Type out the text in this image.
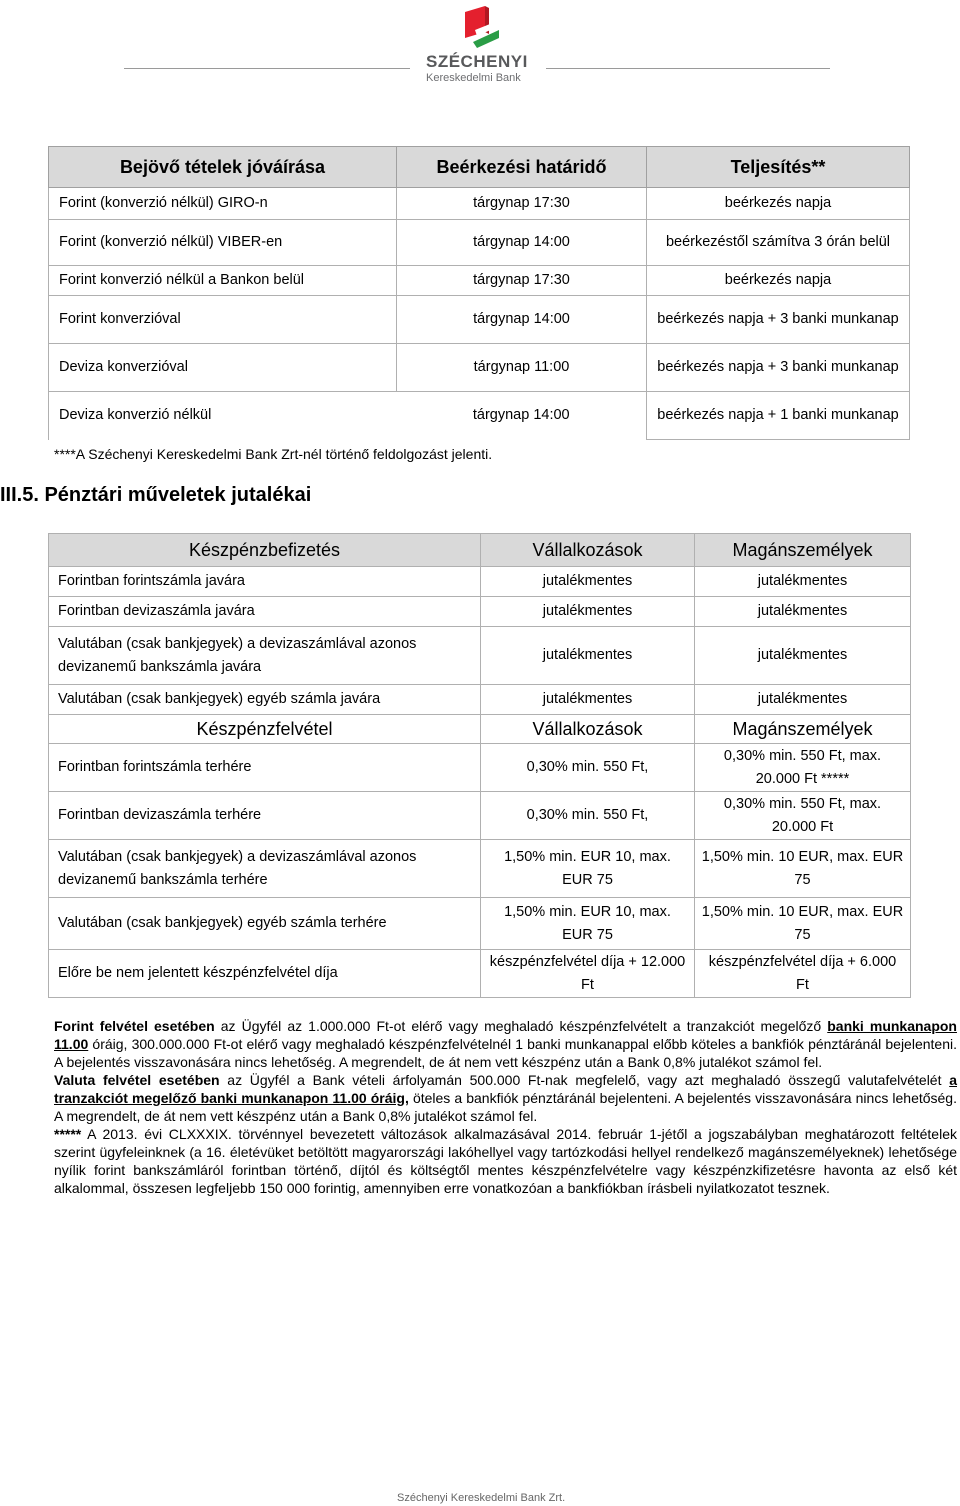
SZÉCHENYI
Kereskedelmi Bank
Bejövő tételek jóváírása	Beérkezési határidő	Teljesítés**
Forint (konverzió nélkül) GIRO-n	tárgynap 17:30	beérkezés napja
Forint (konverzió nélkül) VIBER-en	tárgynap 14:00	beérkezéstől számítva 3 órán belül
Forint konverzió nélkül a Bankon belül	tárgynap 17:30	beérkezés napja
Forint konverzióval	tárgynap 14:00	beérkezés napja + 3 banki munkanap
Deviza konverzióval	tárgynap 11:00	beérkezés napja + 3 banki munkanap
Deviza konverzió nélkül	tárgynap 14:00	beérkezés napja + 1 banki munkanap
****A Széchenyi Kereskedelmi Bank Zrt-nél történő feldolgozást jelenti.
III.5. Pénztári műveletek jutalékai
Készpénzbefizetés	Vállalkozások	Magánszemélyek
Forintban forintszámla javára	jutalékmentes	jutalékmentes
Forintban devizaszámla javára	jutalékmentes	jutalékmentes
Valutában (csak bankjegyek) a devizaszámlával azonos devizanemű bankszámla javára	jutalékmentes	jutalékmentes
Valutában (csak bankjegyek) egyéb számla javára	jutalékmentes	jutalékmentes
Készpénzfelvétel	Vállalkozások	Magánszemélyek
Forintban forintszámla terhére	0,30% min. 550 Ft,	0,30% min. 550 Ft, max. 20.000 Ft *****
Forintban devizaszámla terhére	0,30% min. 550 Ft,	0,30% min. 550 Ft, max. 20.000 Ft
Valutában (csak bankjegyek) a devizaszámlával azonos devizanemű bankszámla terhére	1,50% min. EUR 10, max. EUR 75	1,50% min. 10 EUR, max. EUR 75
Valutában (csak bankjegyek) egyéb számla terhére	1,50% min. EUR 10, max. EUR 75	1,50% min. 10 EUR, max. EUR 75
Előre be nem jelentett készpénzfelvétel díja	készpénzfelvétel díja + 12.000 Ft	készpénzfelvétel díja + 6.000 Ft

Forint felvétel esetében az Ügyfél az 1.000.000 Ft-ot elérő vagy meghaladó készpénzfelvételt a tranzakciót megelőző banki munkanapon 11.00 óráig, 300.000.000 Ft-ot elérő vagy meghaladó készpénzfelvételnél 1 banki munkanappal előbb köteles a bankfiók pénztáránál bejelenteni. A bejelentés visszavonására nincs lehetőség. A megrendelt, de át nem vett készpénz után a Bank 0,8% jutalékot számol fel.

Valuta felvétel esetében az Ügyfél a Bank vételi árfolyamán 500.000 Ft-nak megfelelő, vagy azt meghaladó összegű valutafelvételét a tranzakciót megelőző banki munkanapon 11.00 óráig, öteles a bankfiók pénztáránál bejelenteni. A bejelentés visszavonására nincs lehetőség. A megrendelt, de át nem vett készpénz után a Bank 0,8% jutalékot számol fel.

***** A 2013. évi CLXXXIX. törvénnyel bevezetett változások alkalmazásával 2014. február 1-jétől a jogszabályban meghatározott feltételek szerint ügyfeleinknek (a 16. életévüket betöltött magyarországi lakóhellyel vagy tartózkodási hellyel rendelkező magánszemélyeknek) lehetősége nyílik forint bankszámláról forintban történő, díjtól és költségtől mentes készpénzfelvételre vagy készpénzkifizetésre havonta az első két alkalommal, összesen legfeljebb 150 000 forintig, amennyiben erre vonatkozóan a bankfiókban írásbeli nyilatkozatot tesznek.

Széchenyi Kereskedelmi Bank Zrt.
